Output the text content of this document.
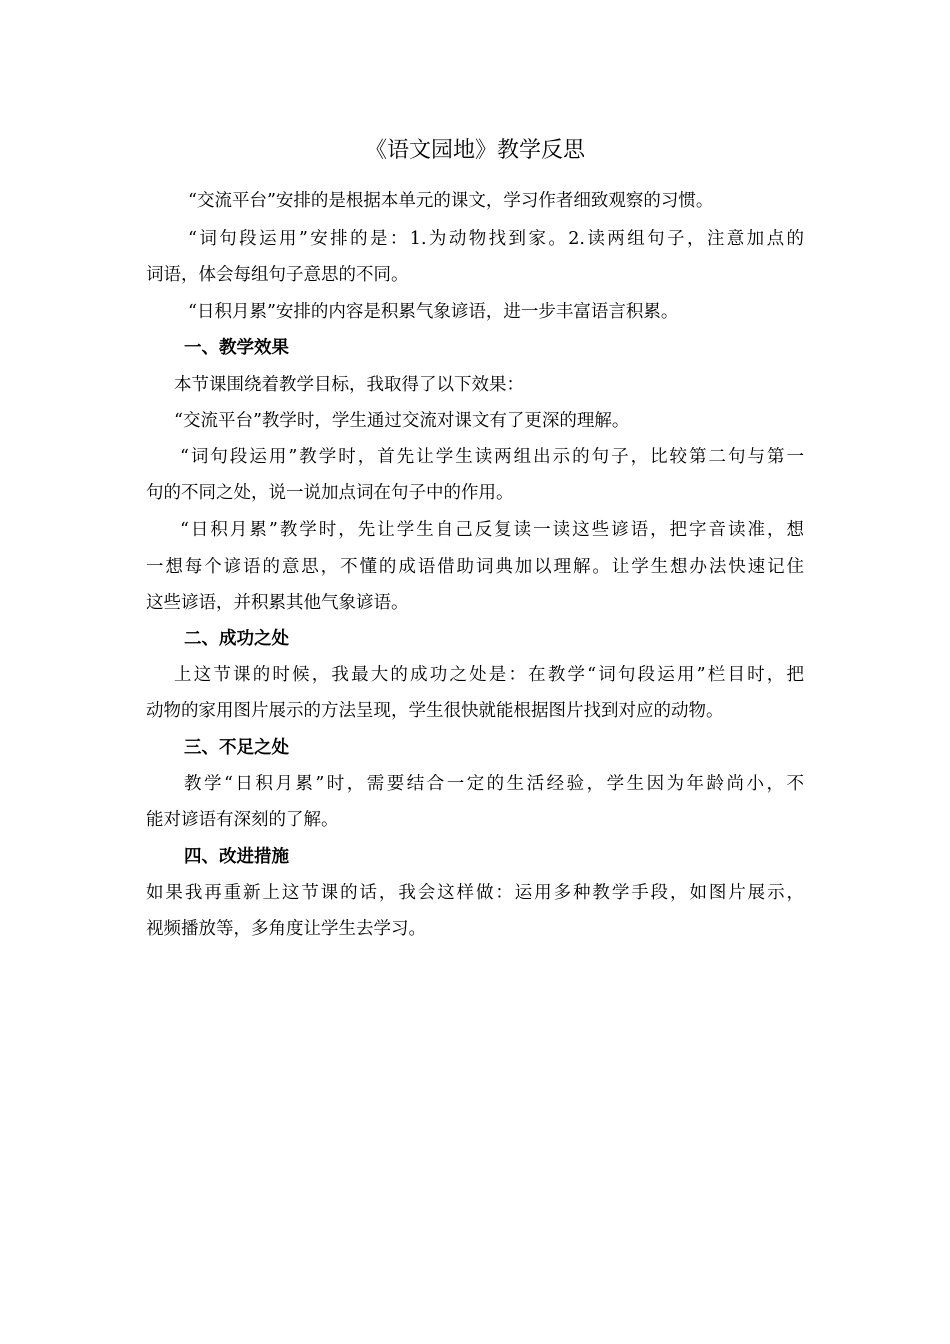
《语文园地》教学反思
“交流平台”安排的是根据本单元的课文，学习作者细致观察的习惯。
“词句段运用”安排的是：1.为动物找到家。2.读两组句子，注意加点的
词语，体会每组句子意思的不同。
“日积月累”安排的内容是积累气象谚语，进一步丰富语言积累。
一、教学效果
本节课围绕着教学目标，我取得了以下效果：
“交流平台”教学时，学生通过交流对课文有了更深的理解。
“词句段运用”教学时，首先让学生读两组出示的句子，比较第二句与第一
句的不同之处，说一说加点词在句子中的作用。
“日积月累”教学时，先让学生自己反复读一读这些谚语，把字音读准，想
一想每个谚语的意思，不懂的成语借助词典加以理解。让学生想办法快速记住
这些谚语，并积累其他气象谚语。
二、成功之处
上这节课的时候，我最大的成功之处是：在教学“词句段运用”栏目时，把
动物的家用图片展示的方法呈现，学生很快就能根据图片找到对应的动物。
三、不足之处
教学“日积月累”时，需要结合一定的生活经验，学生因为年龄尚小，不
能对谚语有深刻的了解。
四、改进措施
如果我再重新上这节课的话，我会这样做：运用多种教学手段，如图片展示，
视频播放等，多角度让学生去学习。
